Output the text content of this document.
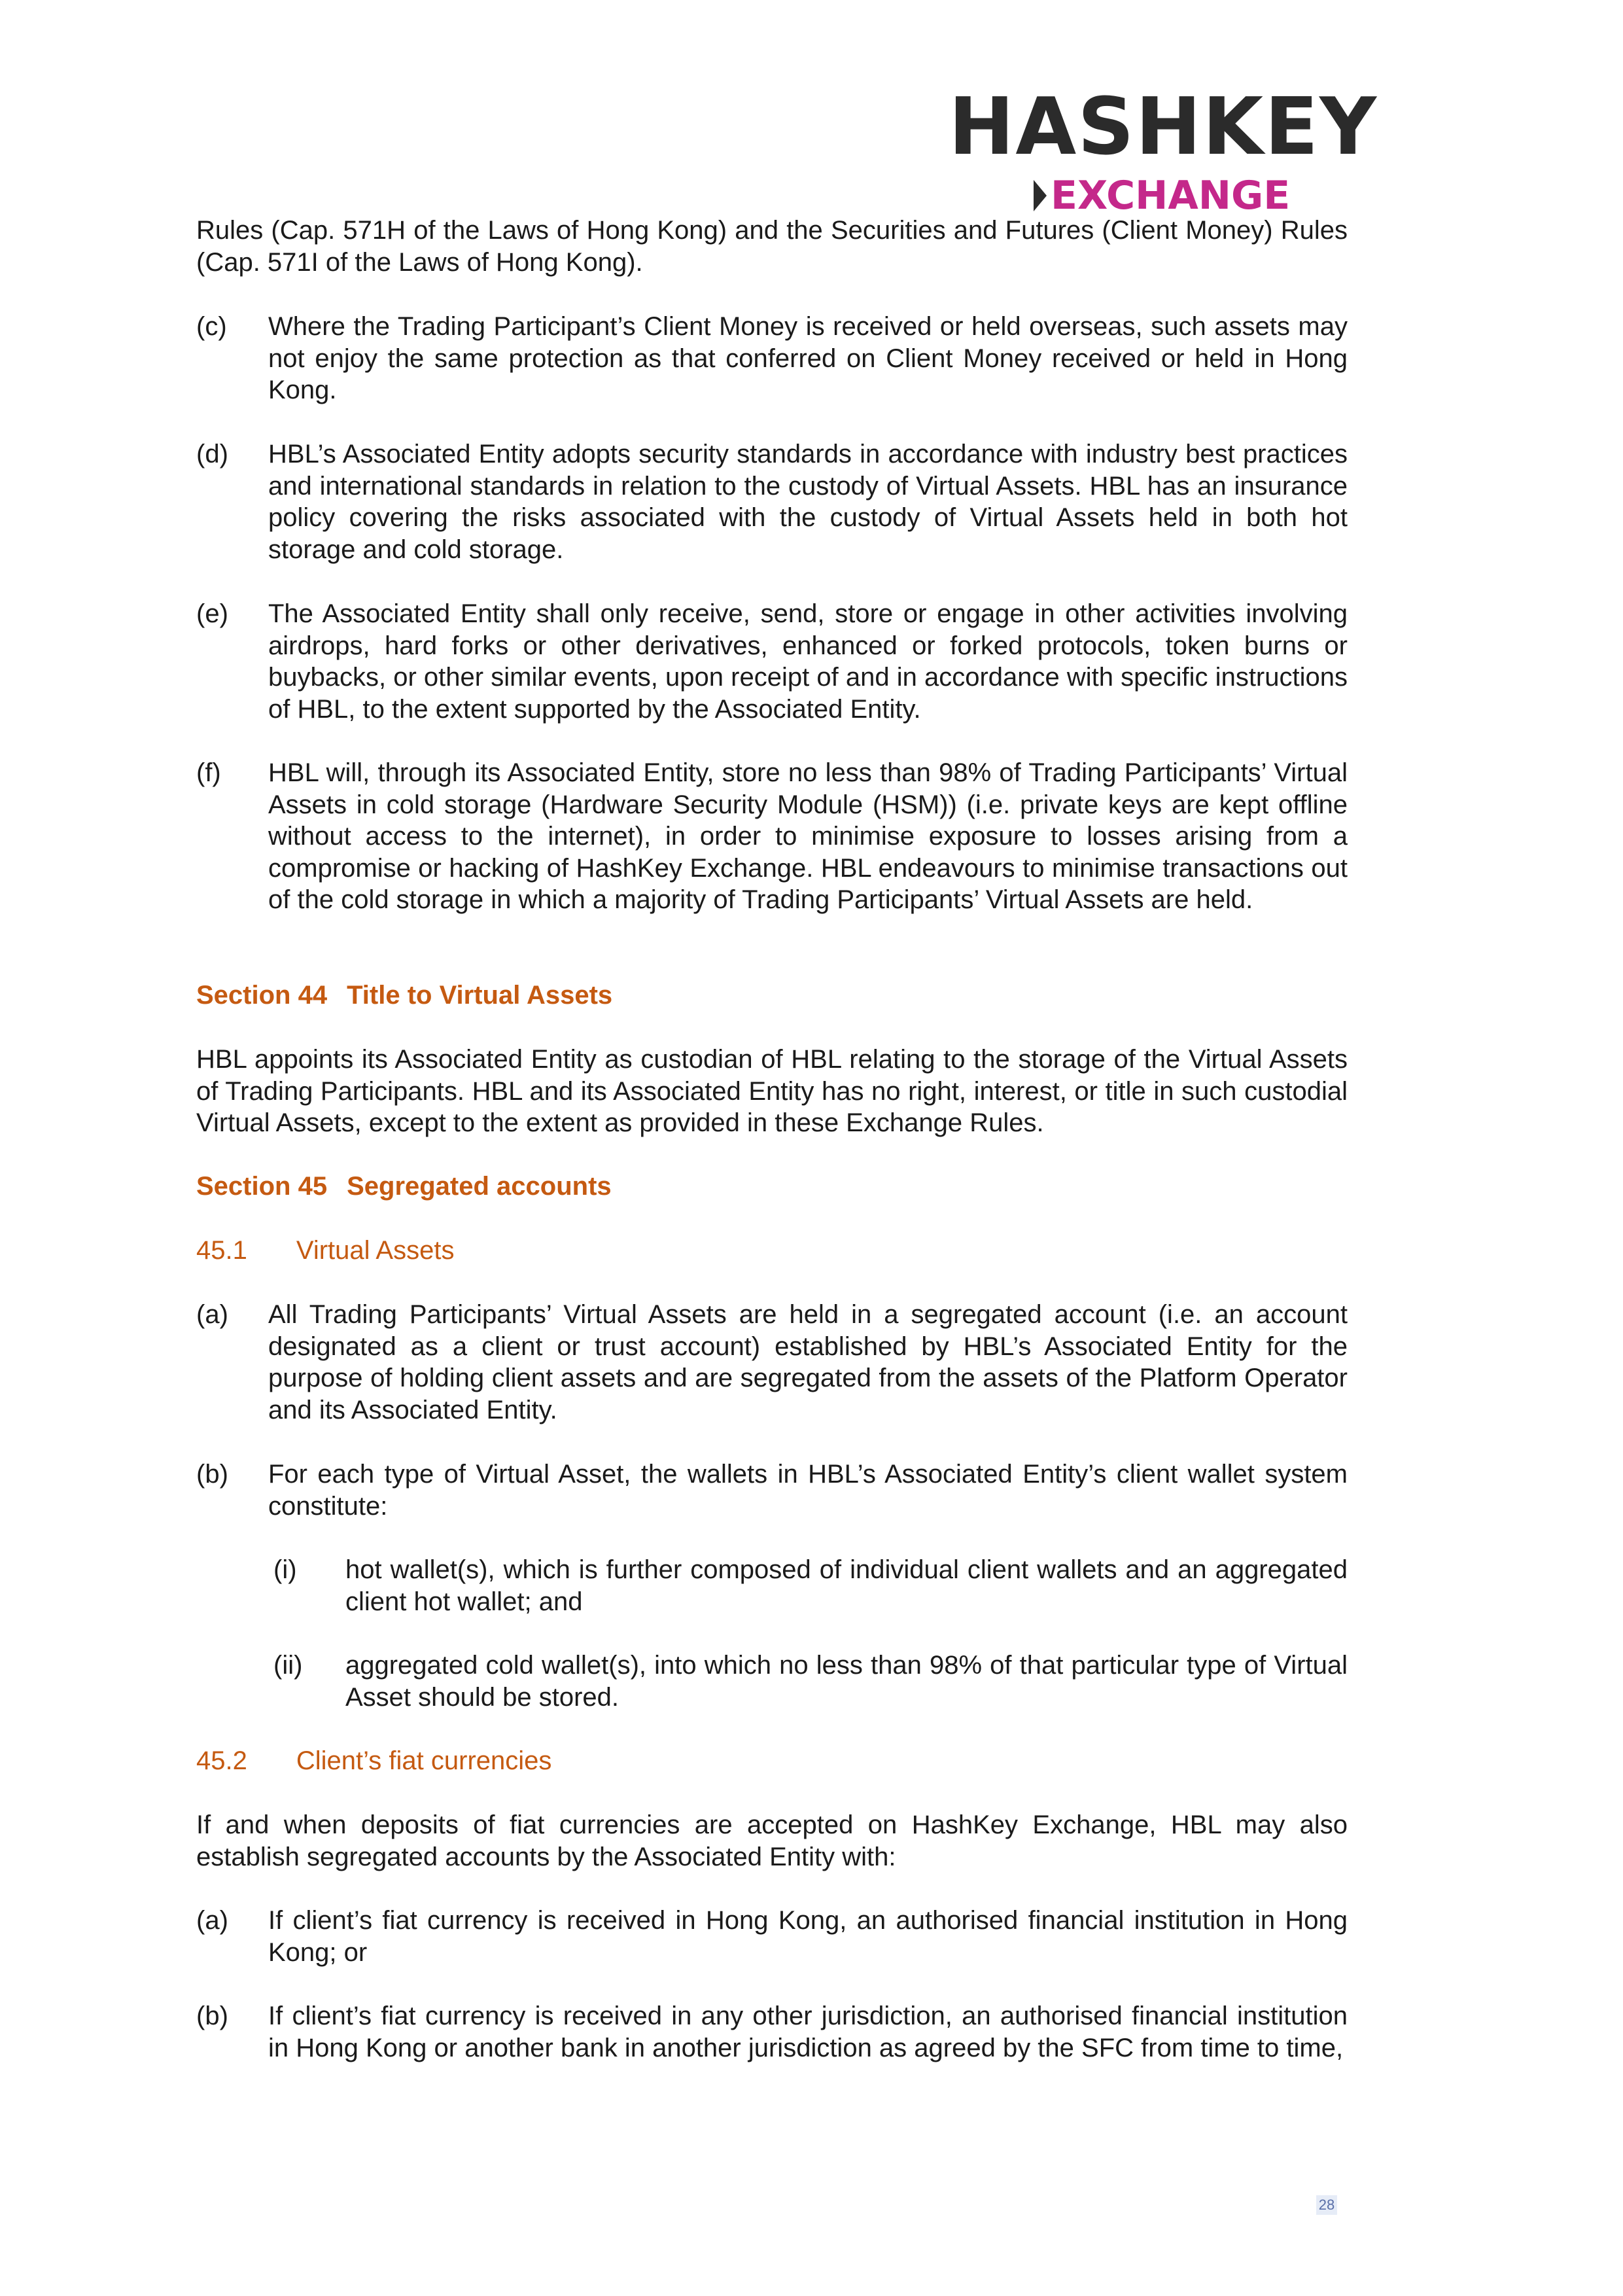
HASHKEY
EXCHANGE

Rules (Cap. 571H of the Laws of Hong Kong) and the Securities and Futures (Client Money) Rules (Cap. 571I of the Laws of Hong Kong).

(c) Where the Trading Participant’s Client Money is received or held overseas, such assets may not enjoy the same protection as that conferred on Client Money received or held in Hong Kong.

(d) HBL’s Associated Entity adopts security standards in accordance with industry best practices and international standards in relation to the custody of Virtual Assets. HBL has an insurance policy covering the risks associated with the custody of Virtual Assets held in both hot storage and cold storage.

(e) The Associated Entity shall only receive, send, store or engage in other activities involving airdrops, hard forks or other derivatives, enhanced or forked protocols, token burns or buybacks, or other similar events, upon receipt of and in accordance with specific instructions of HBL, to the extent supported by the Associated Entity.

(f) HBL will, through its Associated Entity, store no less than 98% of Trading Participants’ Virtual Assets in cold storage (Hardware Security Module (HSM)) (i.e. private keys are kept offline without access to the internet), in order to minimise exposure to losses arising from a compromise or hacking of HashKey Exchange. HBL endeavours to minimise transactions out of the cold storage in which a majority of Trading Participants’ Virtual Assets are held.

Section 44 Title to Virtual Assets

HBL appoints its Associated Entity as custodian of HBL relating to the storage of the Virtual Assets of Trading Participants. HBL and its Associated Entity has no right, interest, or title in such custodial Virtual Assets, except to the extent as provided in these Exchange Rules.

Section 45 Segregated accounts
45.1 Virtual Assets
(a) All Trading Participants’ Virtual Assets are held in a segregated account (i.e. an account designated as a client or trust account) established by HBL’s Associated Entity for the purpose of holding client assets and are segregated from the assets of the Platform Operator and its Associated Entity.

(b) For each type of Virtual Asset, the wallets in HBL’s Associated Entity’s client wallet system constitute:

(i) hot wallet(s), which is further composed of individual client wallets and an aggregated client hot wallet; and

(ii) aggregated cold wallet(s), into which no less than 98% of that particular type of Virtual Asset should be stored.

45.2 Client’s fiat currencies

If and when deposits of fiat currencies are accepted on HashKey Exchange, HBL may also establish segregated accounts by the Associated Entity with:

(a) If client’s fiat currency is received in Hong Kong, an authorised financial institution in Hong Kong; or

(b) If client’s fiat currency is received in any other jurisdiction, an authorised financial institution in Hong Kong or another bank in another jurisdiction as agreed by the SFC from time to time,

28
